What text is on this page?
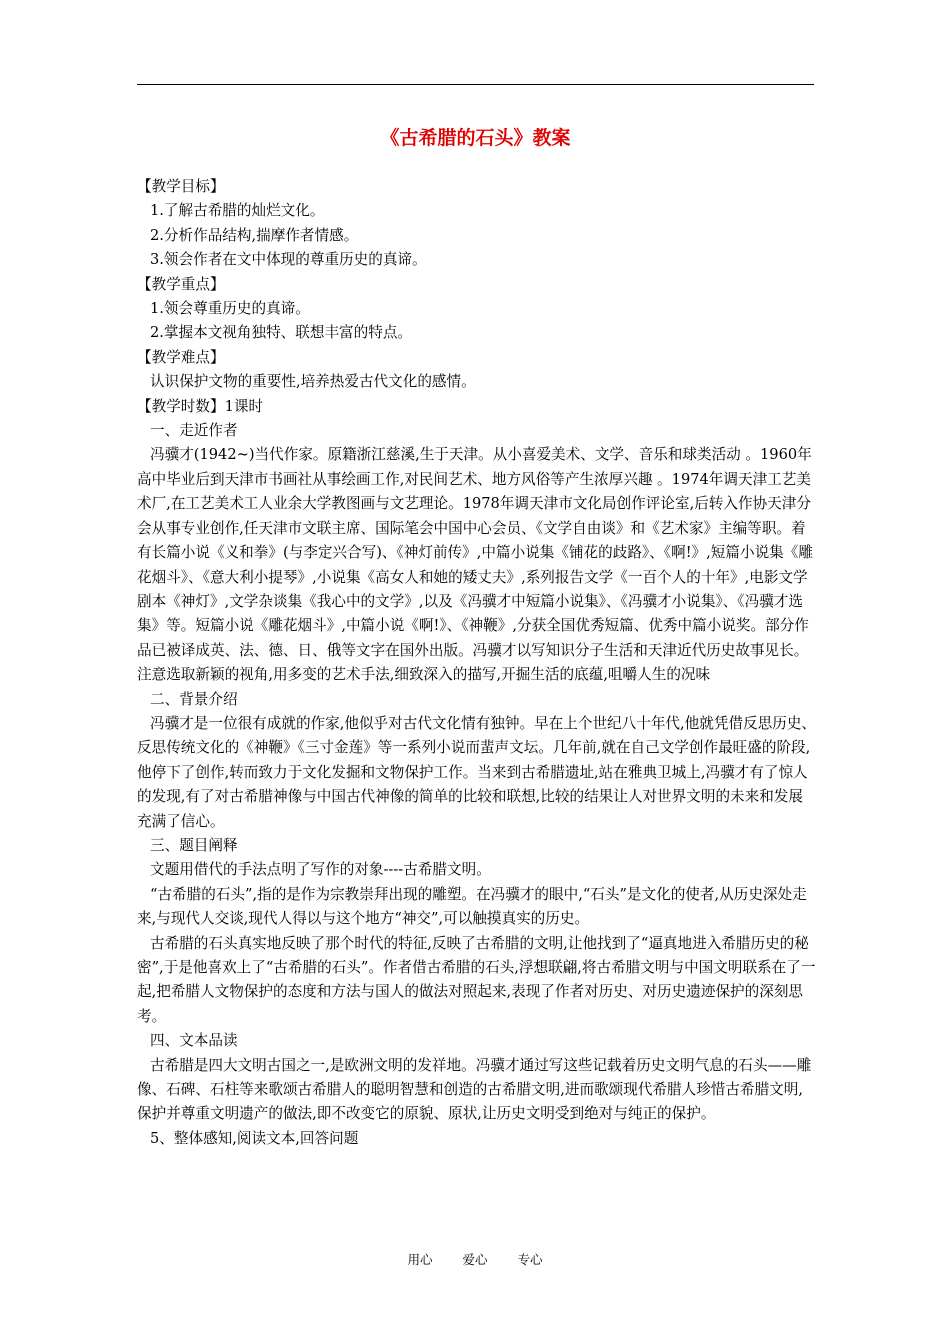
《古希腊的石头》教案

【教学目标】

1.了解古希腊的灿烂文化。

2.分析作品结构,揣摩作者情感。

3.领会作者在文中体现的尊重历史的真谛。

【教学重点】

1.领会尊重历史的真谛。

2.掌握本文视角独特、联想丰富的特点。

【教学难点】

认识保护文物的重要性,培养热爱古代文化的感情。

【教学时数】1课时

一、走近作者

冯骥才(1942~)当代作家。原籍浙江慈溪,生于天津。从小喜爱美术、文学、音乐和球类活动 。1960年高中毕业后到天津市书画社从事绘画工作,对民间艺术、地方风俗等产生浓厚兴趣 。1974年调天津工艺美术厂,在工艺美术工人业余大学教图画与文艺理论。1978年调天津市文化局创作评论室,后转入作协天津分会从事专业创作,任天津市文联主席、国际笔会中国中心会员、《文学自由谈》和《艺术家》主编等职。着有长篇小说《义和拳》(与李定兴合写)、《神灯前传》,中篇小说集《铺花的歧路》、《啊!》,短篇小说集《雕花烟斗》、《意大利小提琴》,小说集《高女人和她的矮丈夫》,系列报告文学《一百个人的十年》,电影文学剧本《神灯》,文学杂谈集《我心中的文学》,以及《冯骥才中短篇小说集》、《冯骥才小说集》、《冯骥才选集》等。短篇小说《雕花烟斗》,中篇小说《啊!》、《神鞭》,分获全国优秀短篇、优秀中篇小说奖。部分作品已被译成英、法、德、日、俄等文字在国外出版。冯骥才以写知识分子生活和天津近代历史故事见长。注意选取新颖的视角,用多变的艺术手法,细致深入的描写,开掘生活的底蕴,咀嚼人生的况味

二、背景介绍

冯骥才是一位很有成就的作家,他似乎对古代文化情有独钟。早在上个世纪八十年代,他就凭借反思历史、反思传统文化的《神鞭》《三寸金莲》等一系列小说而蜚声文坛。几年前,就在自己文学创作最旺盛的阶段,他停下了创作,转而致力于文化发掘和文物保护工作。当来到古希腊遗址,站在雅典卫城上,冯骥才有了惊人的发现,有了对古希腊神像与中国古代神像的简单的比较和联想,比较的结果让人对世界文明的未来和发展充满了信心。

三、题目阐释

文题用借代的手法点明了写作的对象----古希腊文明。

“古希腊的石头”,指的是作为宗教崇拜出现的雕塑。在冯骥才的眼中,“石头”是文化的使者,从历史深处走来,与现代人交谈,现代人得以与这个地方“神交”,可以触摸真实的历史。

古希腊的石头真实地反映了那个时代的特征,反映了古希腊的文明,让他找到了“逼真地进入希腊历史的秘密”,于是他喜欢上了“古希腊的石头”。作者借古希腊的石头,浮想联翩,将古希腊文明与中国文明联系在了一起,把希腊人文物保护的态度和方法与国人的做法对照起来,表现了作者对历史、对历史遗迹保护的深刻思考。

四、文本品读

古希腊是四大文明古国之一,是欧洲文明的发祥地。冯骥才通过写这些记载着历史文明气息的石头——雕像、石碑、石柱等来歌颂古希腊人的聪明智慧和创造的古希腊文明,进而歌颂现代希腊人珍惜古希腊文明,保护并尊重文明遗产的做法,即不改变它的原貌、原状,让历史文明受到绝对与纯正的保护。

5、整体感知,阅读文本,回答问题

用心 爱心 专心
